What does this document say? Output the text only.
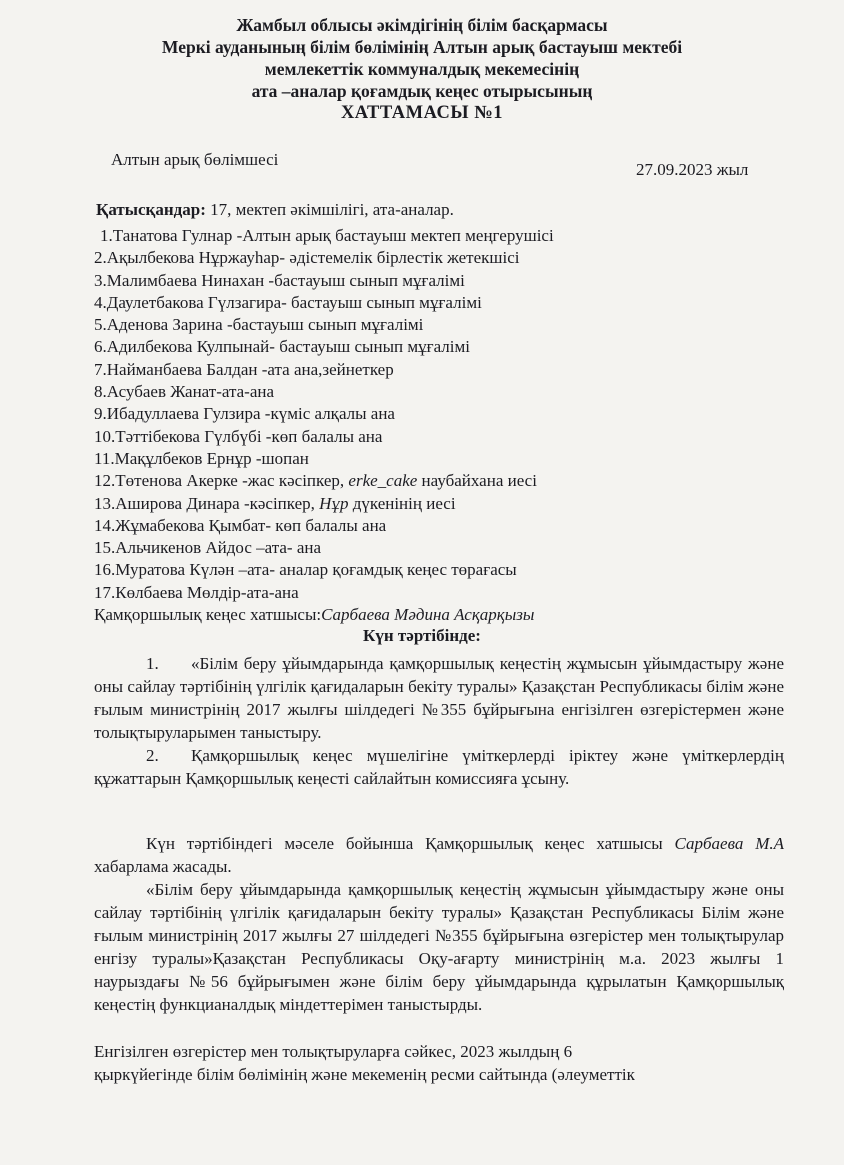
Жамбыл облысы әкімдігінің білім басқармасы
Меркі ауданының білім бөлімінің Алтын арық бастауыш мектебі
мемлекеттік коммуналдық мекемесінің
ата –аналар қоғамдық кеңес отырысының
ХАТТАМАСЫ №1
Алтын арық бөлімшесі
27.09.2023 жыл
Қатысқандар: 17, мектеп әкімшілігі, ата-аналар.
1.Танатова Гулнар -Алтын арық бастауыш мектеп меңгерушісі
2.Ақылбекова Нұржауһар- әдістемелік бірлестік жетекшісі
3.Малимбаева Нинахан -бастауыш сынып мұғалімі
4.Даулетбакова Гүлзагира- бастауыш сынып мұғалімі
5.Аденова Зарина -бастауыш сынып мұғалімі
6.Адилбекова Кулпынай- бастауыш сынып мұғалімі
7.Найманбаева Балдан -ата ана,зейнеткер
8.Асубаев Жанат-ата-ана
9.Ибадуллаева Гулзира -күміс алқалы ана
10.Тәттібекова Гүлбүбі -көп балалы ана
11.Мақұлбеков Ернұр -шопан
12.Төтенова Акерке -жас кәсіпкер, erke_cake наубайхана иесі
13.Аширова Динара -кәсіпкер, Нұр дүкенінің иесі
14.Жұмабекова Қымбат- көп балалы ана
15.Альчикенов Айдос –ата- ана
16.Муратова Күлән –ата- аналар қоғамдық кеңес төрағасы
17.Көлбаева Мөлдір-ата-ана
Қамқоршылық кеңес хатшысы:Сарбаева Мәдина Асқарқызы
Күн тәртібінде:

1. «Білім беру ұйымдарында қамқоршылық кеңестің жұмысын ұйымдастыру және оны сайлау тәртібінің үлгілік қағидаларын бекіту туралы» Қазақстан Республикасы білім және ғылым министрінің 2017 жылғы шілдедегі №355 бұйрығына енгізілген өзгерістермен және толықтыруларымен таныстыру.

2. Қамқоршылық кеңес мүшелігіне үміткерлерді іріктеу және үміткерлердің құжаттарын Қамқоршылық кеңесті сайлайтын комиссияға ұсыну.

Күн тәртібіндегі мәселе бойынша Қамқоршылық кеңес хатшысы Сарбаева М.А хабарлама жасады.

«Білім беру ұйымдарында қамқоршылық кеңестің жұмысын ұйымдастыру және оны сайлау тәртібінің үлгілік қағидаларын бекіту туралы» Қазақстан Республикасы Білім және ғылым министрінің 2017 жылғы 27 шілдедегі №355 бұйрығына өзгерістер мен толықтырулар енгізу туралы»Қазақстан Республикасы Оқу-ағарту министрінің м.а. 2023 жылғы 1 наурыздағы №56 бұйрығымен және білім беру ұйымдарында құрылатын Қамқоршылық кеңестің функцианалдық міндеттерімен таныстырды.

Енгізілген өзгерістер мен толықтыруларға сәйкес, 2023 жылдың 6
қыркүйегінде білім бөлімінің және мекеменің ресми сайтында (әлеуметтік
